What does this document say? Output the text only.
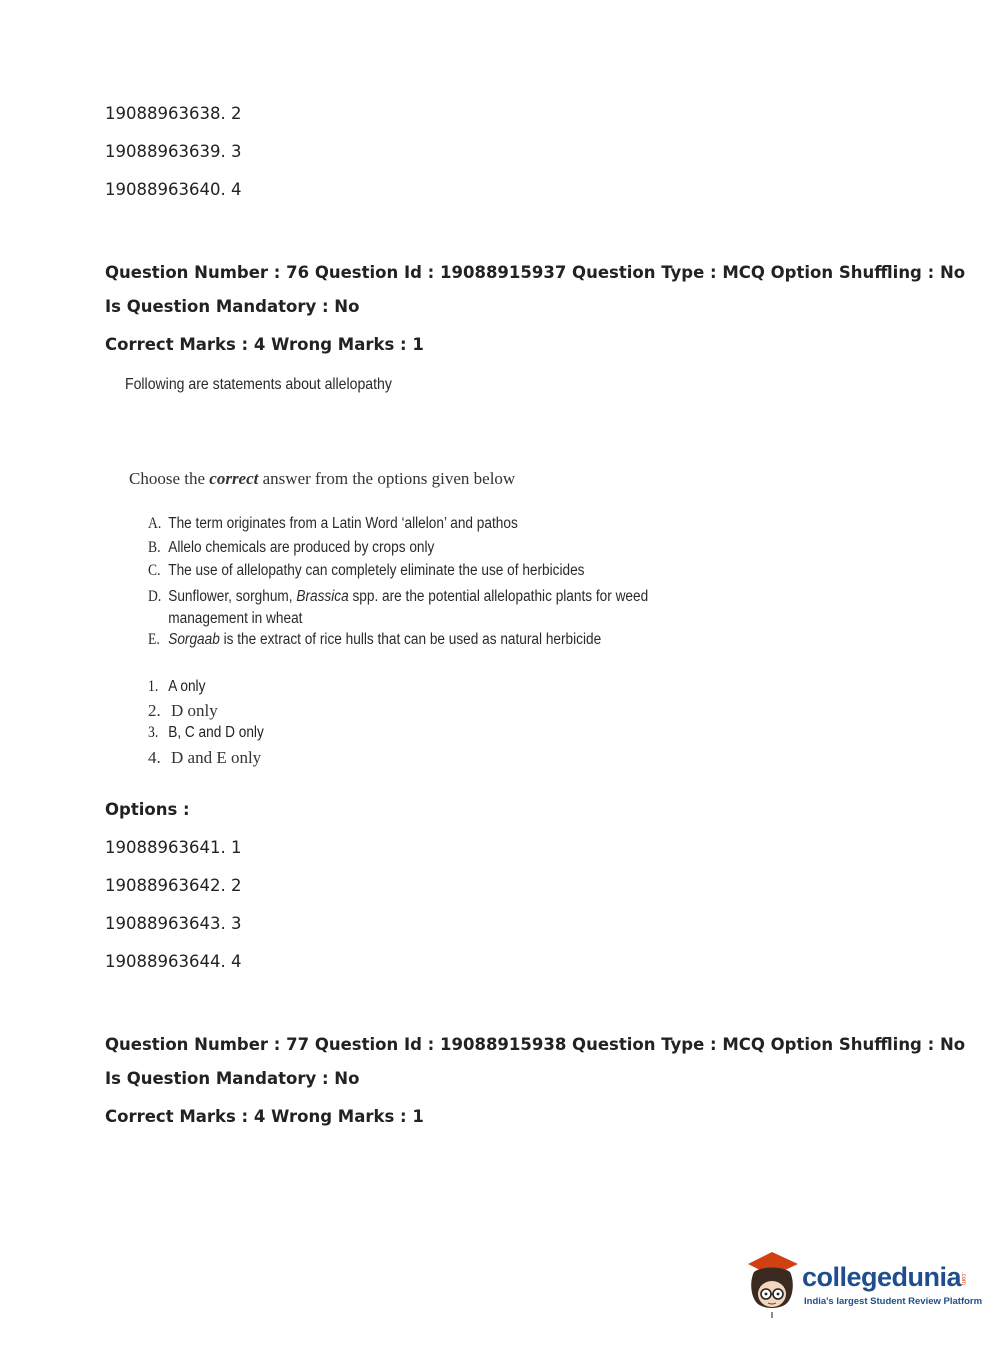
19088963638. 2
19088963639. 3
19088963640. 4
Question Number : 76 Question Id : 19088915937 Question Type : MCQ Option Shuffling : No
Is Question Mandatory : No
Correct Marks : 4 Wrong Marks : 1
Following are statements about allelopathy
Choose the correct answer from the options given below
A. The term originates from a Latin Word ‘allelon’ and pathos
B. Allelo chemicals are produced by crops only
C. The use of allelopathy can completely eliminate the use of herbicides
D. Sunflower, sorghum, Brassica spp. are the potential allelopathic plants for weed
management in wheat
E. Sorgaab is the extract of rice hulls that can be used as natural herbicide
1. A only
2. D only
3. B, C and D only
4. D and E only
Options :
19088963641. 1
19088963642. 2
19088963643. 3
19088963644. 4
Question Number : 77 Question Id : 19088915938 Question Type : MCQ Option Shuffling : No
Is Question Mandatory : No
Correct Marks : 4 Wrong Marks : 1
collegedunia
.com
India's largest Student Review Platform
